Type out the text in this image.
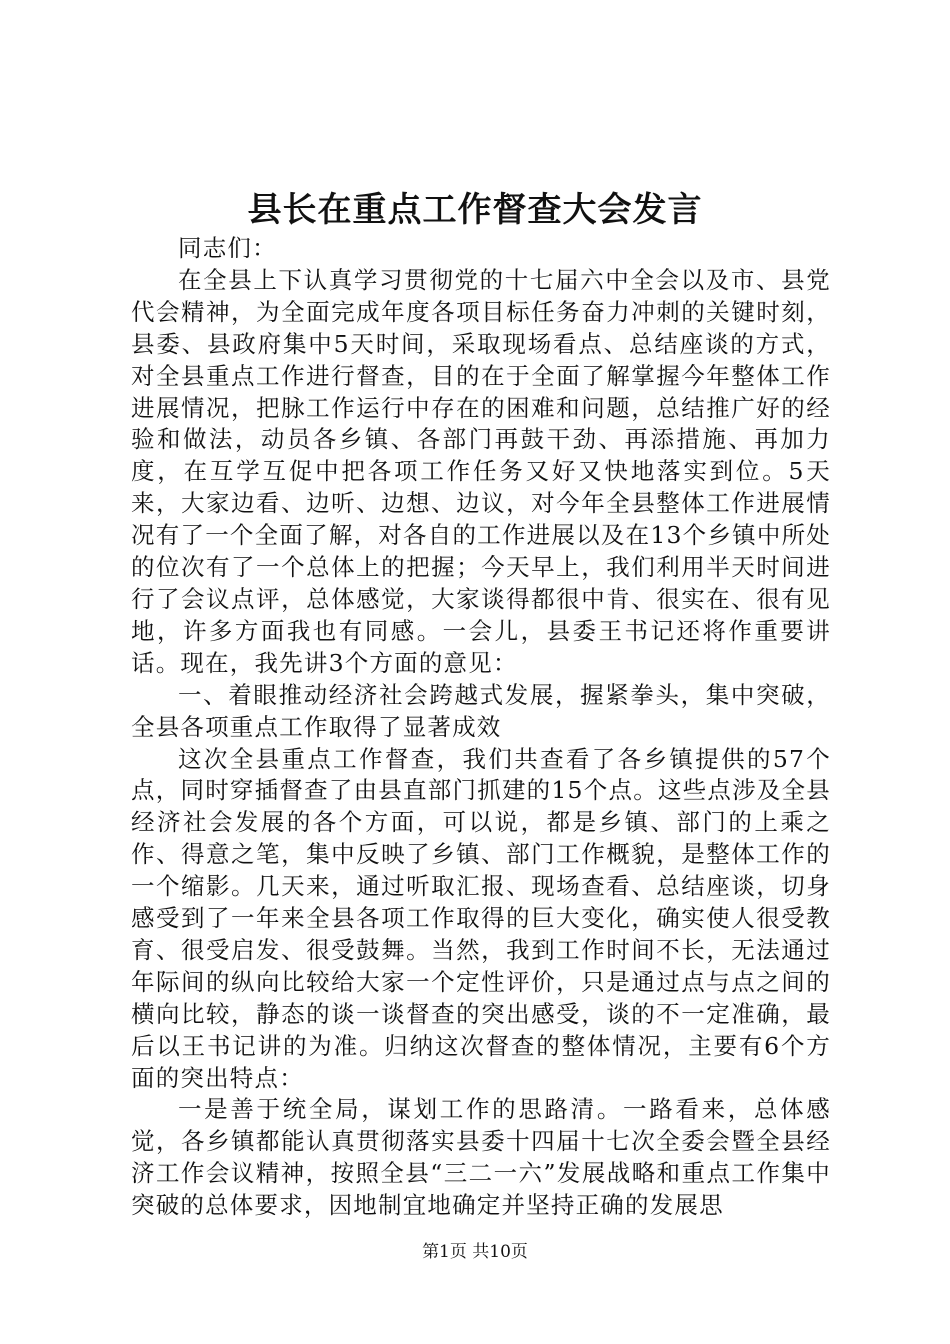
县长在重点工作督查大会发言

同志们：

在全县上下认真学习贯彻党的十七届六中全会以及市、县党代会精神，为全面完成年度各项目标任务奋力冲刺的关键时刻，县委、县政府集中5天时间，采取现场看点、总结座谈的方式，对全县重点工作进行督查，目的在于全面了解掌握今年整体工作进展情况，把脉工作运行中存在的困难和问题，总结推广好的经验和做法，动员各乡镇、各部门再鼓干劲、再添措施、再加力度，在互学互促中把各项工作任务又好又快地落实到位。5天来，大家边看、边听、边想、边议，对今年全县整体工作进展情况有了一个全面了解，对各自的工作进展以及在13个乡镇中所处的位次有了一个总体上的把握；今天早上，我们利用半天时间进行了会议点评，总体感觉，大家谈得都很中肯、很实在、很有见地，许多方面我也有同感。一会儿，县委王书记还将作重要讲话。现在，我先讲3个方面的意见：

一、着眼推动经济社会跨越式发展，握紧拳头，集中突破，全县各项重点工作取得了显著成效

这次全县重点工作督查，我们共查看了各乡镇提供的57个点，同时穿插督查了由县直部门抓建的15个点。这些点涉及全县经济社会发展的各个方面，可以说，都是乡镇、部门的上乘之作、得意之笔，集中反映了乡镇、部门工作概貌，是整体工作的一个缩影。几天来，通过听取汇报、现场查看、总结座谈，切身感受到了一年来全县各项工作取得的巨大变化，确实使人很受教育、很受启发、很受鼓舞。当然，我到工作时间不长，无法通过年际间的纵向比较给大家一个定性评价，只是通过点与点之间的横向比较，静态的谈一谈督查的突出感受，谈的不一定准确，最后以王书记讲的为准。归纳这次督查的整体情况，主要有6个方面的突出特点：

一是善于统全局，谋划工作的思路清。一路看来，总体感觉，各乡镇都能认真贯彻落实县委十四届十七次全委会暨全县经济工作会议精神，按照全县“三二一六”发展战略和重点工作集中突破的总体要求，因地制宜地确定并坚持正确的发展思

第1页 共10页
